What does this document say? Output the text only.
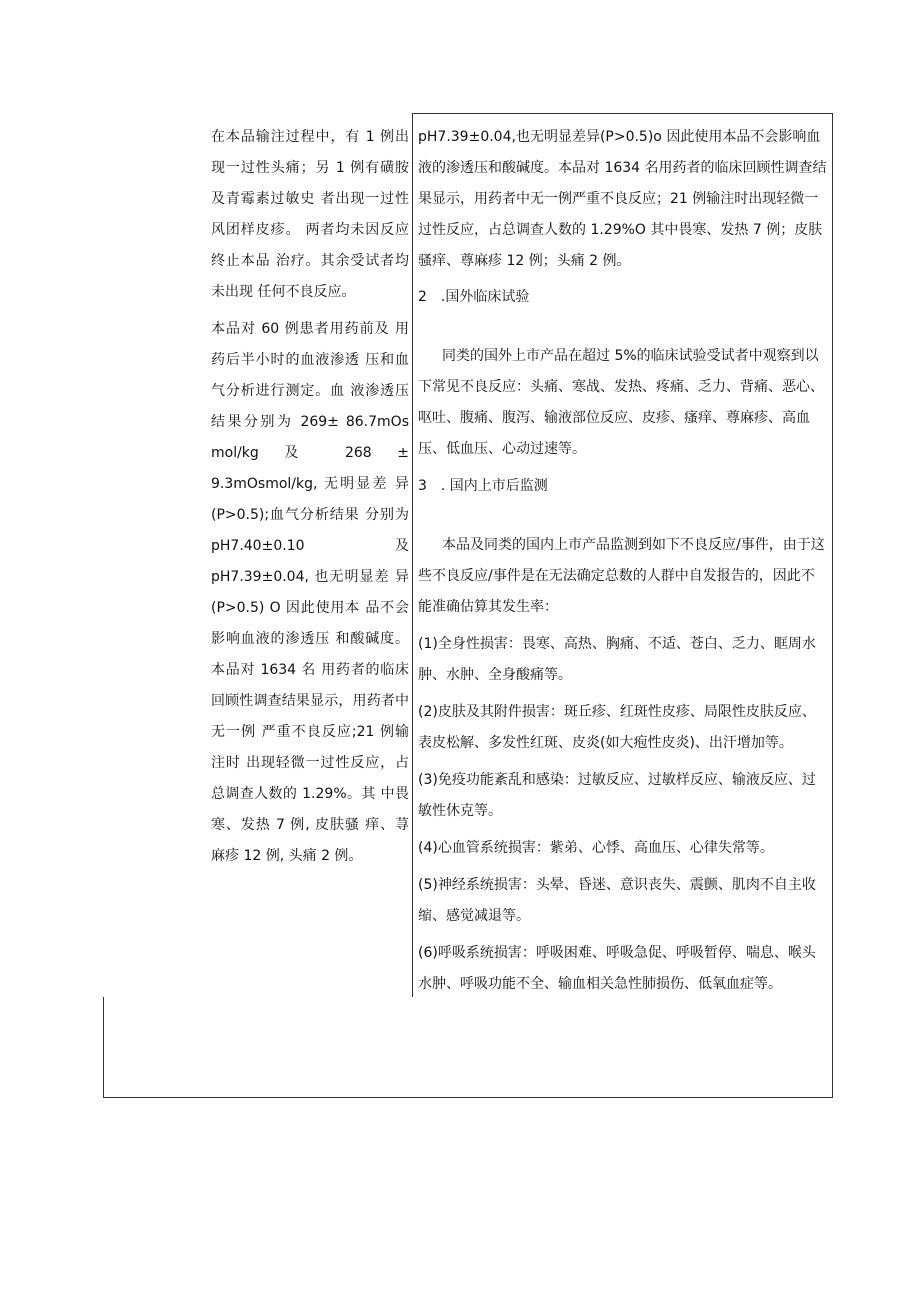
在本品输注过程中，有 1 例出现一过性头痛；另 1 例有磺胺及青霉素过敏史 者出现一过性风团样皮疹。 两者均未因反应终止本品 治疗。其余受试者均未出现 任何不良反应。

本品对 60 例患者用药前及 用药后半小时的血液渗透 压和血气分析进行测定。血 液渗透压结果分别为 269± 86.7mOs mol/kg 及 268 ± 9.3mOsmol/kg, 无明显差 异(P>0.5);血气分析结果 分别为 pH7.40±0.10 及 pH7.39±0.04, 也无明显差 异(P>0.5) O 因此使用本 品不会影响血液的渗透压 和酸碱度。本品对 1634 名 用药者的临床回顾性调查结果显示，用药者中无一例 严重不良反应;21 例输注时 出现轻微一过性反应，占 总调查人数的 1.29%。其 中畏寒、发热 7 例, 皮肤骚 痒、荨麻疹 12 例, 头痛 2 例。

pH7.39±0.04,也无明显差异(P>0.5)o 因此使用本品不会影响血液的渗透压和酸碱度。本品对 1634 名用药者的临床回顾性调查结果显示，用药者中无一例严重不良反应；21 例输注时出现轻微一过性反应，占总调查人数的 1.29%O 其中畏寒、发热 7 例；皮肤骚痒、尊麻疹 12 例；头痛 2 例。

2　.国外临床试验

同类的国外上市产品在超过 5%的临床试验受试者中观察到以下常见不良反应：头痛、寒战、发热、疼痛、乏力、背痛、恶心、呕吐、腹痛、腹泻、输液部位反应、皮疹、瘙痒、尊麻疹、高血压、低血压、心动过速等。

3　. 国内上市后监测

本品及同类的国内上市产品监测到如下不良反应/事件，由于这些不良反应/事件是在无法确定总数的人群中自发报告的，因此不能准确估算其发生率：

(1)全身性损害：畏寒、高热、胸痛、不适、苍白、乏力、眶周水肿、水肿、全身酸痛等。

(2)皮肤及其附件损害：斑丘疹、红斑性皮疹、局限性皮肤反应、表皮松解、多发性红斑、皮炎(如大疱性皮炎)、出汗增加等。

(3)免疫功能紊乱和感染：过敏反应、过敏样反应、输液反应、过敏性休克等。

(4)心血管系统损害：紫弟、心悸、高血压、心律失常等。

(5)神经系统损害：头晕、昏迷、意识丧失、震颤、肌肉不自主收缩、感觉减退等。

(6)呼吸系统损害：呼吸困难、呼吸急促、呼吸暂停、喘息、喉头水肿、呼吸功能不全、输血相关急性肺损伤、低氧血症等。
